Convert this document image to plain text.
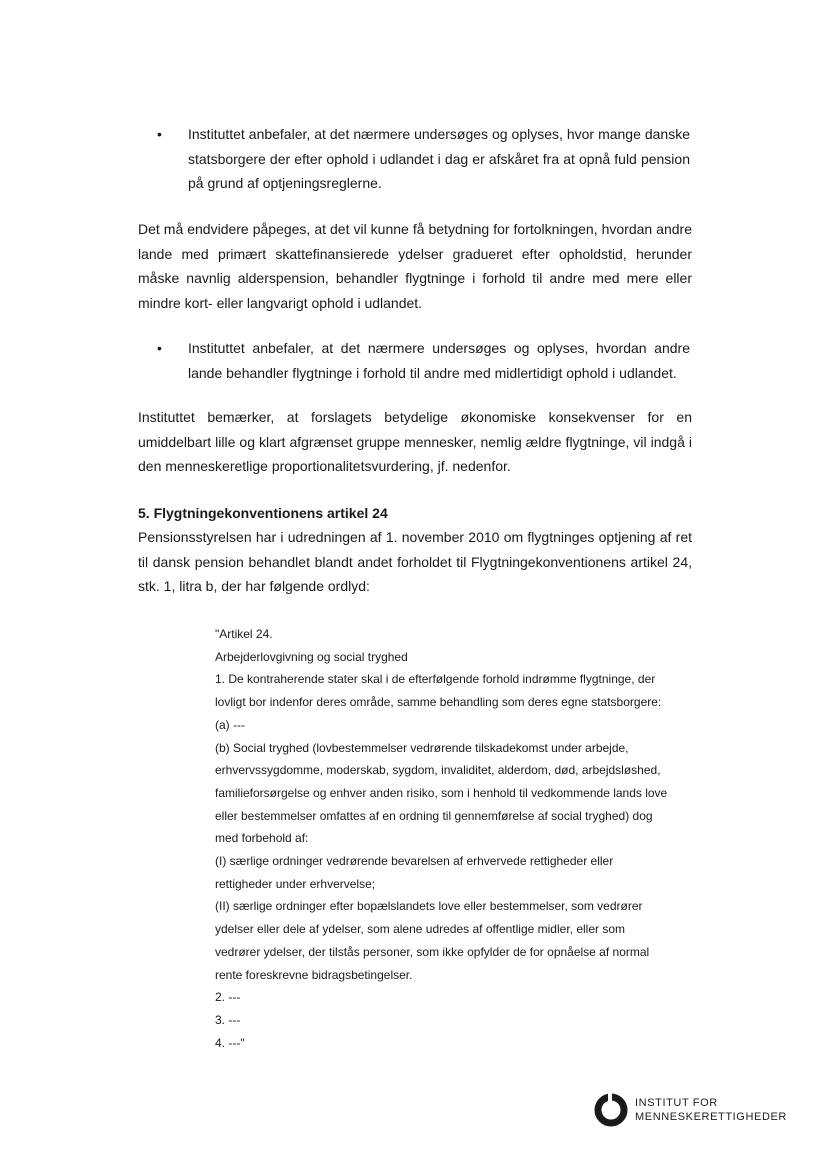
•	Instituttet anbefaler, at det nærmere undersøges og oplyses, hvor mange danske statsborgere der efter ophold i udlandet i dag er afskåret fra at opnå fuld pension på grund af optjeningsreglerne.
Det må endvidere påpeges, at det vil kunne få betydning for fortolkningen, hvordan andre lande med primært skattefinansierede ydelser gradueret efter opholdstid, herunder måske navnlig alderspension, behandler flygtninge i forhold til andre med mere eller mindre kort- eller langvarigt ophold i udlandet.
•	Instituttet anbefaler, at det nærmere undersøges og oplyses, hvordan andre lande behandler flygtninge i forhold til andre med midlertidigt ophold i udlandet.
Instituttet bemærker, at forslagets betydelige økonomiske konsekvenser for en umiddelbart lille og klart afgrænset gruppe mennesker, nemlig ældre flygtninge, vil indgå i den menneskeretlige proportionalitetsvurdering, jf. nedenfor.
5. Flygtningekonventionens artikel 24
Pensionsstyrelsen har i udredningen af 1. november 2010 om flygtninges optjening af ret til dansk pension behandlet blandt andet forholdet til Flygtningekonventionens artikel 24, stk. 1, litra b, der har følgende ordlyd:
"Artikel 24.
Arbejderlovgivning og social tryghed
1. De kontraherende stater skal i de efterfølgende forhold indrømme flygtninge, der
lovligt bor indenfor deres område, samme behandling som deres egne statsborgere:
(a) ---
(b) Social tryghed (lovbestemmelser vedrørende tilskadekomst under arbejde,
erhvervssygdomme, moderskab, sygdom, invaliditet, alderdom, død, arbejdsløshed,
familieforsørgelse og enhver anden risiko, som i henhold til vedkommende lands love
eller bestemmelser omfattes af en ordning til gennemførelse af social tryghed) dog
med forbehold af:
(I) særlige ordninger vedrørende bevarelsen af erhvervede rettigheder eller
rettigheder under erhvervelse;
(II) særlige ordninger efter bopælslandets love eller bestemmelser, som vedrører
ydelser eller dele af ydelser, som alene udredes af offentlige midler, eller som
vedrører ydelser, der tilstås personer, som ikke opfylder de for opnåelse af normal
rente foreskrevne bidragsbetingelser.
2. ---
3. ---
4. ---"
INSTITUT FOR
MENNESKERETTIGHEDER
